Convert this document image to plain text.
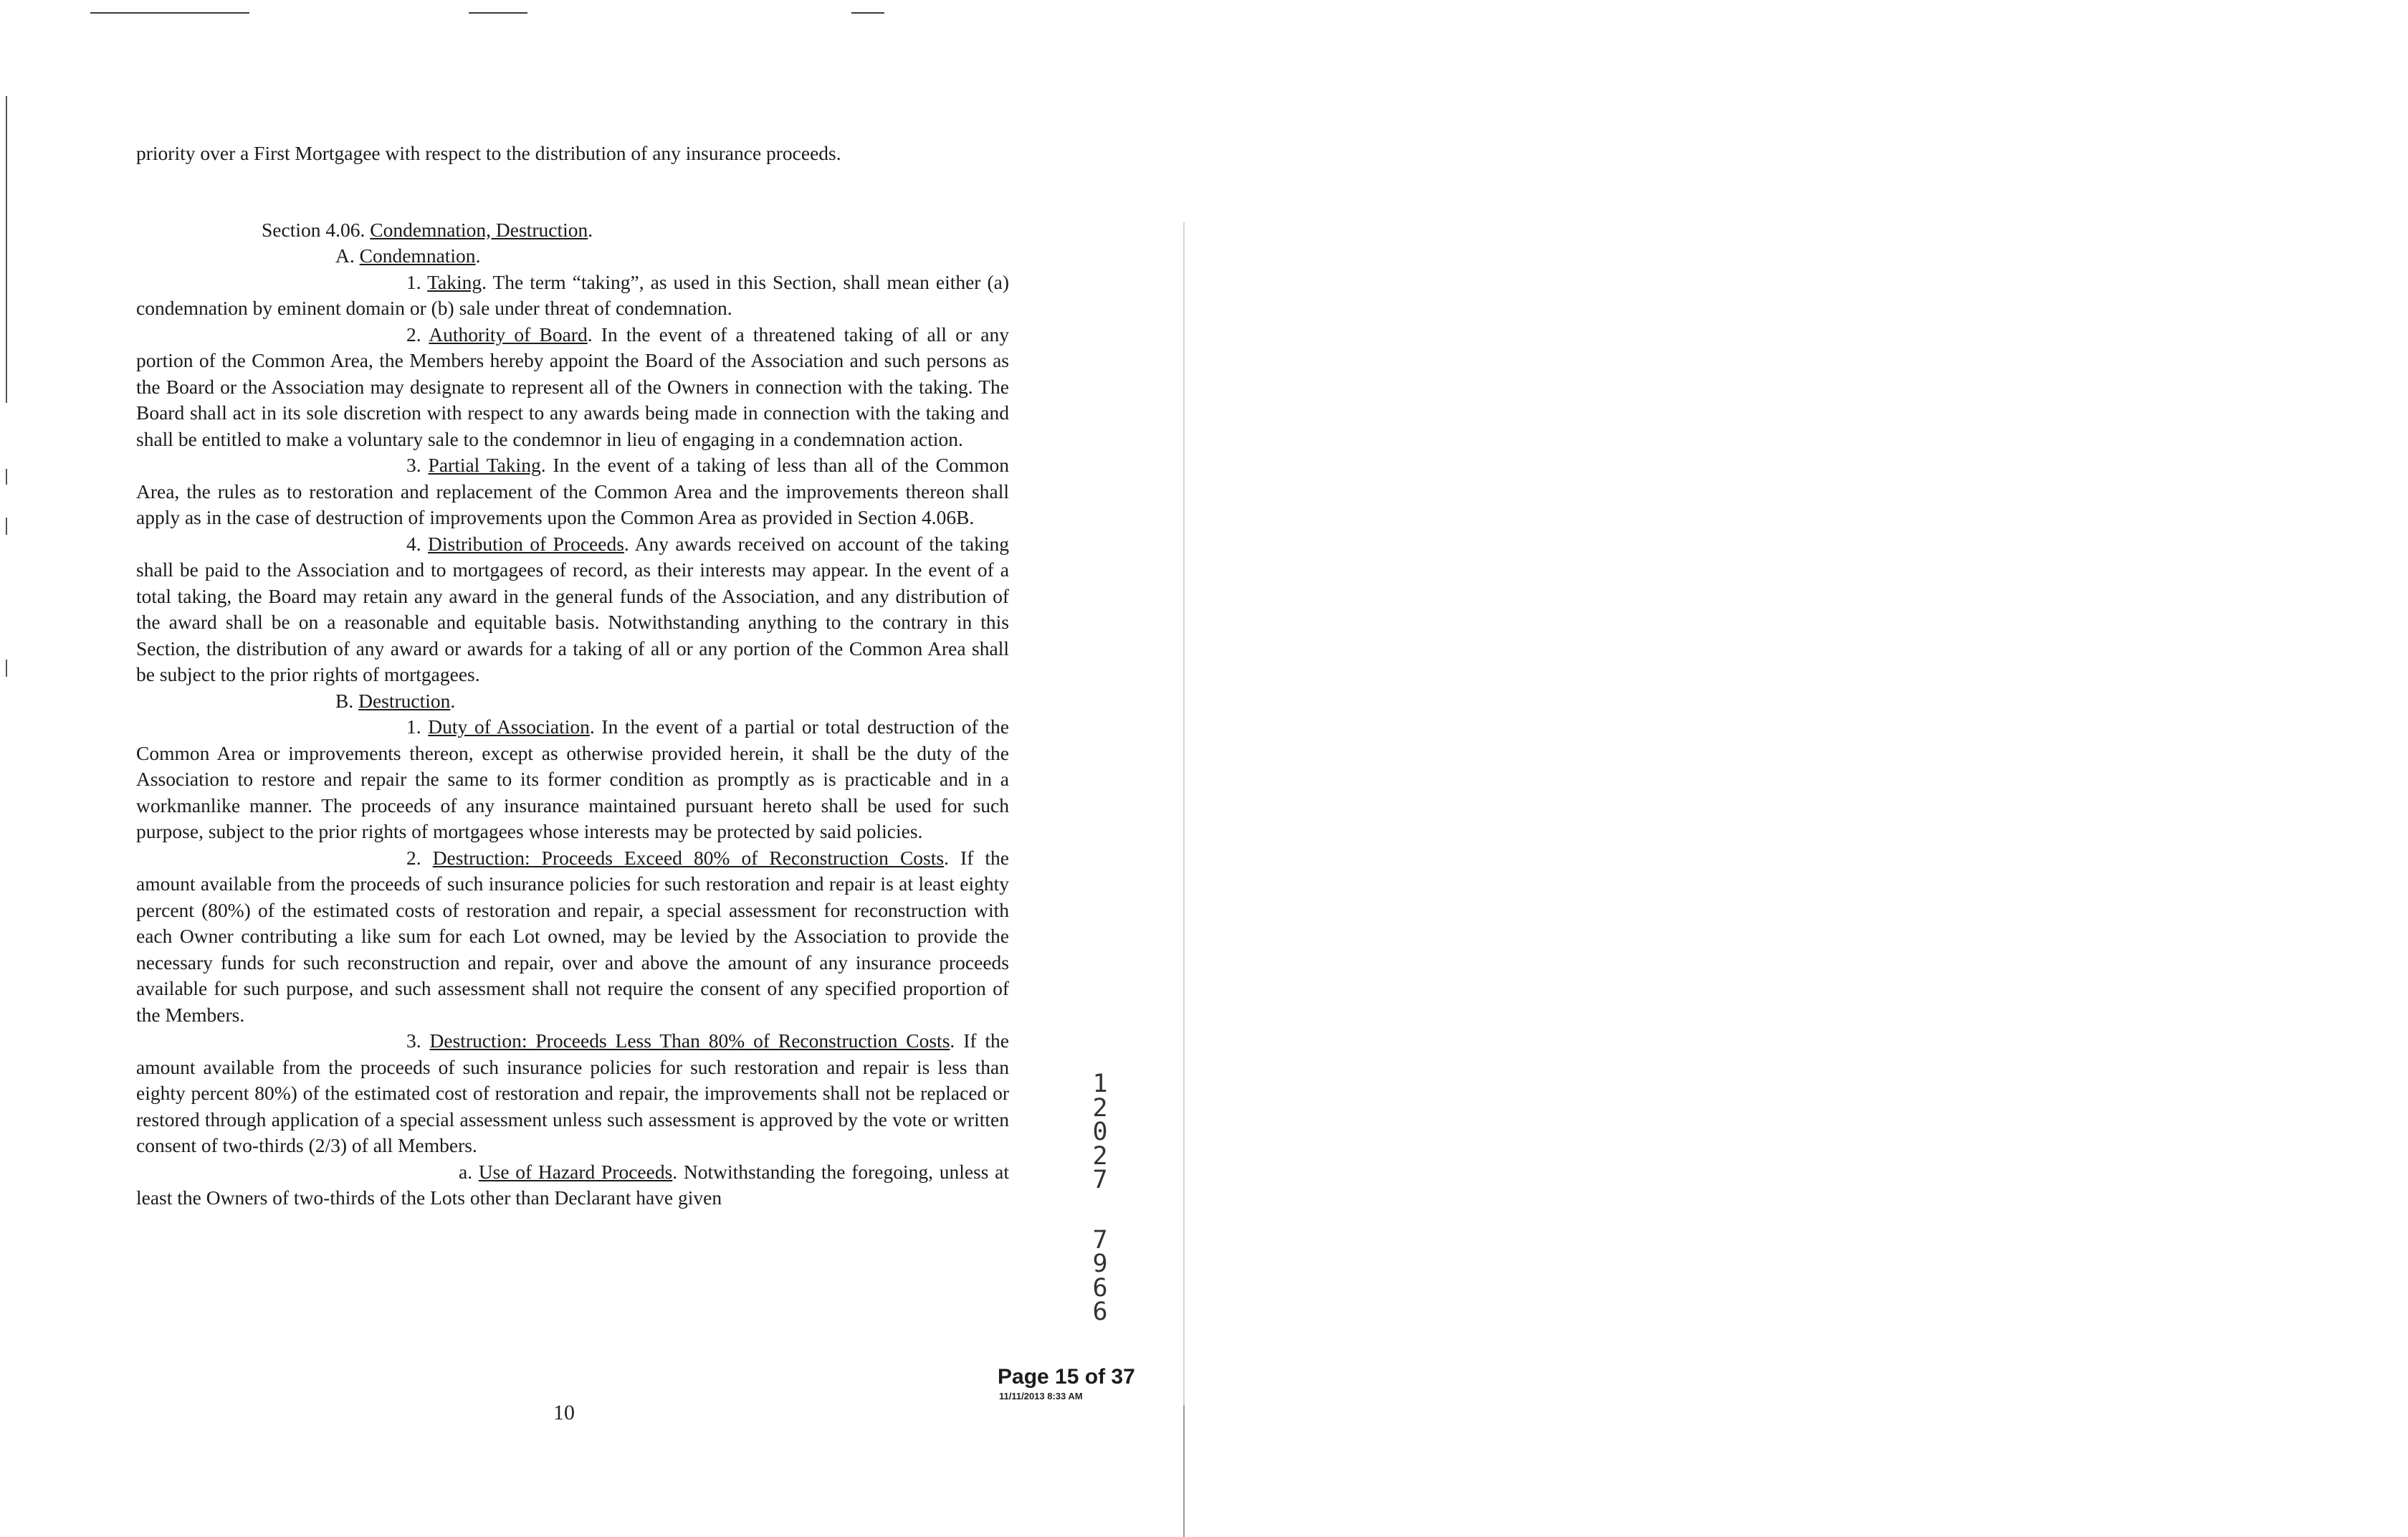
priority over a First Mortgagee with respect to the distribution of any insurance proceeds.

Section 4.06. Condemnation, Destruction.

A. Condemnation.

1. Taking. The term “taking”, as used in this Section, shall mean either (a) condemnation by eminent domain or (b) sale under threat of condemnation.

2. Authority of Board. In the event of a threatened taking of all or any portion of the Common Area, the Members hereby appoint the Board of the Association and such persons as the Board or the Association may designate to represent all of the Owners in connection with the taking. The Board shall act in its sole discretion with respect to any awards being made in connection with the taking and shall be entitled to make a voluntary sale to the condemnor in lieu of engaging in a condemnation action.

3. Partial Taking. In the event of a taking of less than all of the Common Area, the rules as to restoration and replacement of the Common Area and the improvements thereon shall apply as in the case of destruction of improvements upon the Common Area as provided in Section 4.06B.

4. Distribution of Proceeds. Any awards received on account of the taking shall be paid to the Association and to mortgagees of record, as their interests may appear. In the event of a total taking, the Board may retain any award in the general funds of the Association, and any distribution of the award shall be on a reasonable and equitable basis. Notwithstanding anything to the contrary in this Section, the distribution of any award or awards for a taking of all or any portion of the Common Area shall be subject to the prior rights of mortgagees.

B. Destruction.

1. Duty of Association. In the event of a partial or total destruction of the Common Area or improvements thereon, except as otherwise provided herein, it shall be the duty of the Association to restore and repair the same to its former condition as promptly as is practicable and in a workmanlike manner. The proceeds of any insurance maintained pursuant hereto shall be used for such purpose, subject to the prior rights of mortgagees whose interests may be protected by said policies.

2. Destruction: Proceeds Exceed 80% of Reconstruction Costs. If the amount available from the proceeds of such insurance policies for such restoration and repair is at least eighty percent (80%) of the estimated costs of restoration and repair, a special assessment for reconstruction with each Owner contributing a like sum for each Lot owned, may be levied by the Association to provide the necessary funds for such reconstruction and repair, over and above the amount of any insurance proceeds available for such purpose, and such assessment shall not require the consent of any specified proportion of the Members.

3. Destruction: Proceeds Less Than 80% of Reconstruction Costs. If the amount available from the proceeds of such insurance policies for such restoration and repair is less than eighty percent 80%) of the estimated cost of restoration and repair, the improvements shall not be replaced or restored through application of a special assessment unless such assessment is approved by the vote or written consent of two-thirds (2/3) of all Members.

a. Use of Hazard Proceeds. Notwithstanding the foregoing, unless at least the Owners of two-thirds of the Lots other than Declarant have given

1
2
0
2
7
7
9
6
6
Page 15 of 37
11/11/2013 8:33 AM
10
